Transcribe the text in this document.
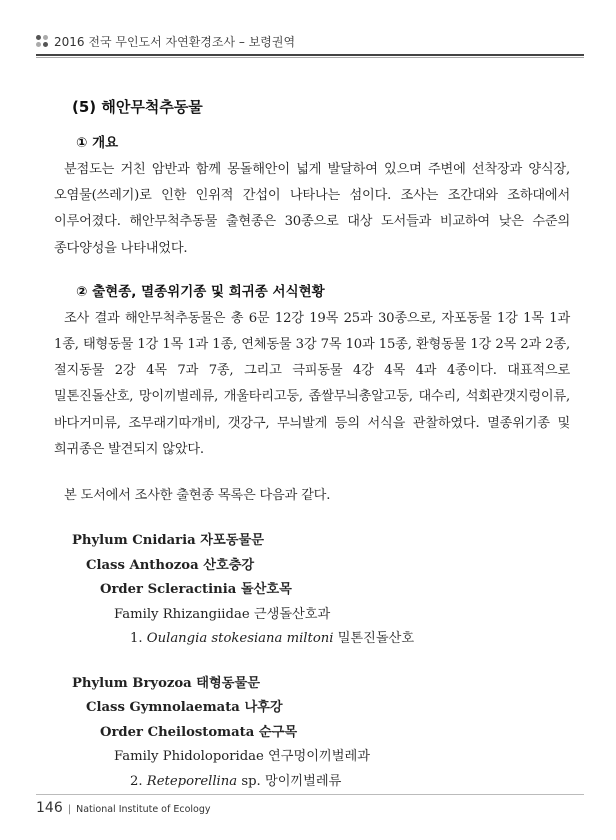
2016 전국 무인도서 자연환경조사 – 보령권역
(5) 해안무척추동물
① 개요

분점도는 거친 암반과 함께 몽돌해안이 넓게 발달하여 있으며 주변에 선착장과 양식장, 오염물(쓰레기)로 인한 인위적 간섭이 나타나는 섬이다. 조사는 조간대와 조하대에서 이루어졌다. 해안무척추동물 출현종은 30종으로 대상 도서들과 비교하여 낮은 수준의 종다양성을 나타내었다.

② 출현종, 멸종위기종 및 희귀종 서식현황

조사 결과 해안무척추동물은 총 6문 12강 19목 25과 30종으로, 자포동물 1강 1목 1과 1종, 태형동물 1강 1목 1과 1종, 연체동물 3강 7목 10과 15종, 환형동물 1강 2목 2과 2종, 절지동물 2강 4목 7과 7종, 그리고 극피동물 4강 4목 4과 4종이다. 대표적으로 밀톤진돌산호, 망이끼벌레류, 개울타리고둥, 좁쌀무늬총알고둥, 대수리, 석회관갯지렁이류, 바다거미류, 조무래기따개비, 갯강구, 무늬발게 등의 서식을 관찰하였다. 멸종위기종 및 희귀종은 발견되지 않았다.

본 도서에서 조사한 출현종 목록은 다음과 같다.

Phylum Cnidaria 자포동물문
Class Anthozoa 산호충강
Order Scleractinia 돌산호목
Family Rhizangiidae 근생돌산호과
1. Oulangia stokesiana miltoni 밀톤진돌산호
Phylum Bryozoa 태형동물문
Class Gymnolaemata 나후강
Order Cheilostomata 순구목
Family Phidoloporidae 연구멍이끼벌레과
2. Reteporellina sp. 망이끼벌레류
146 | National Institute of Ecology
